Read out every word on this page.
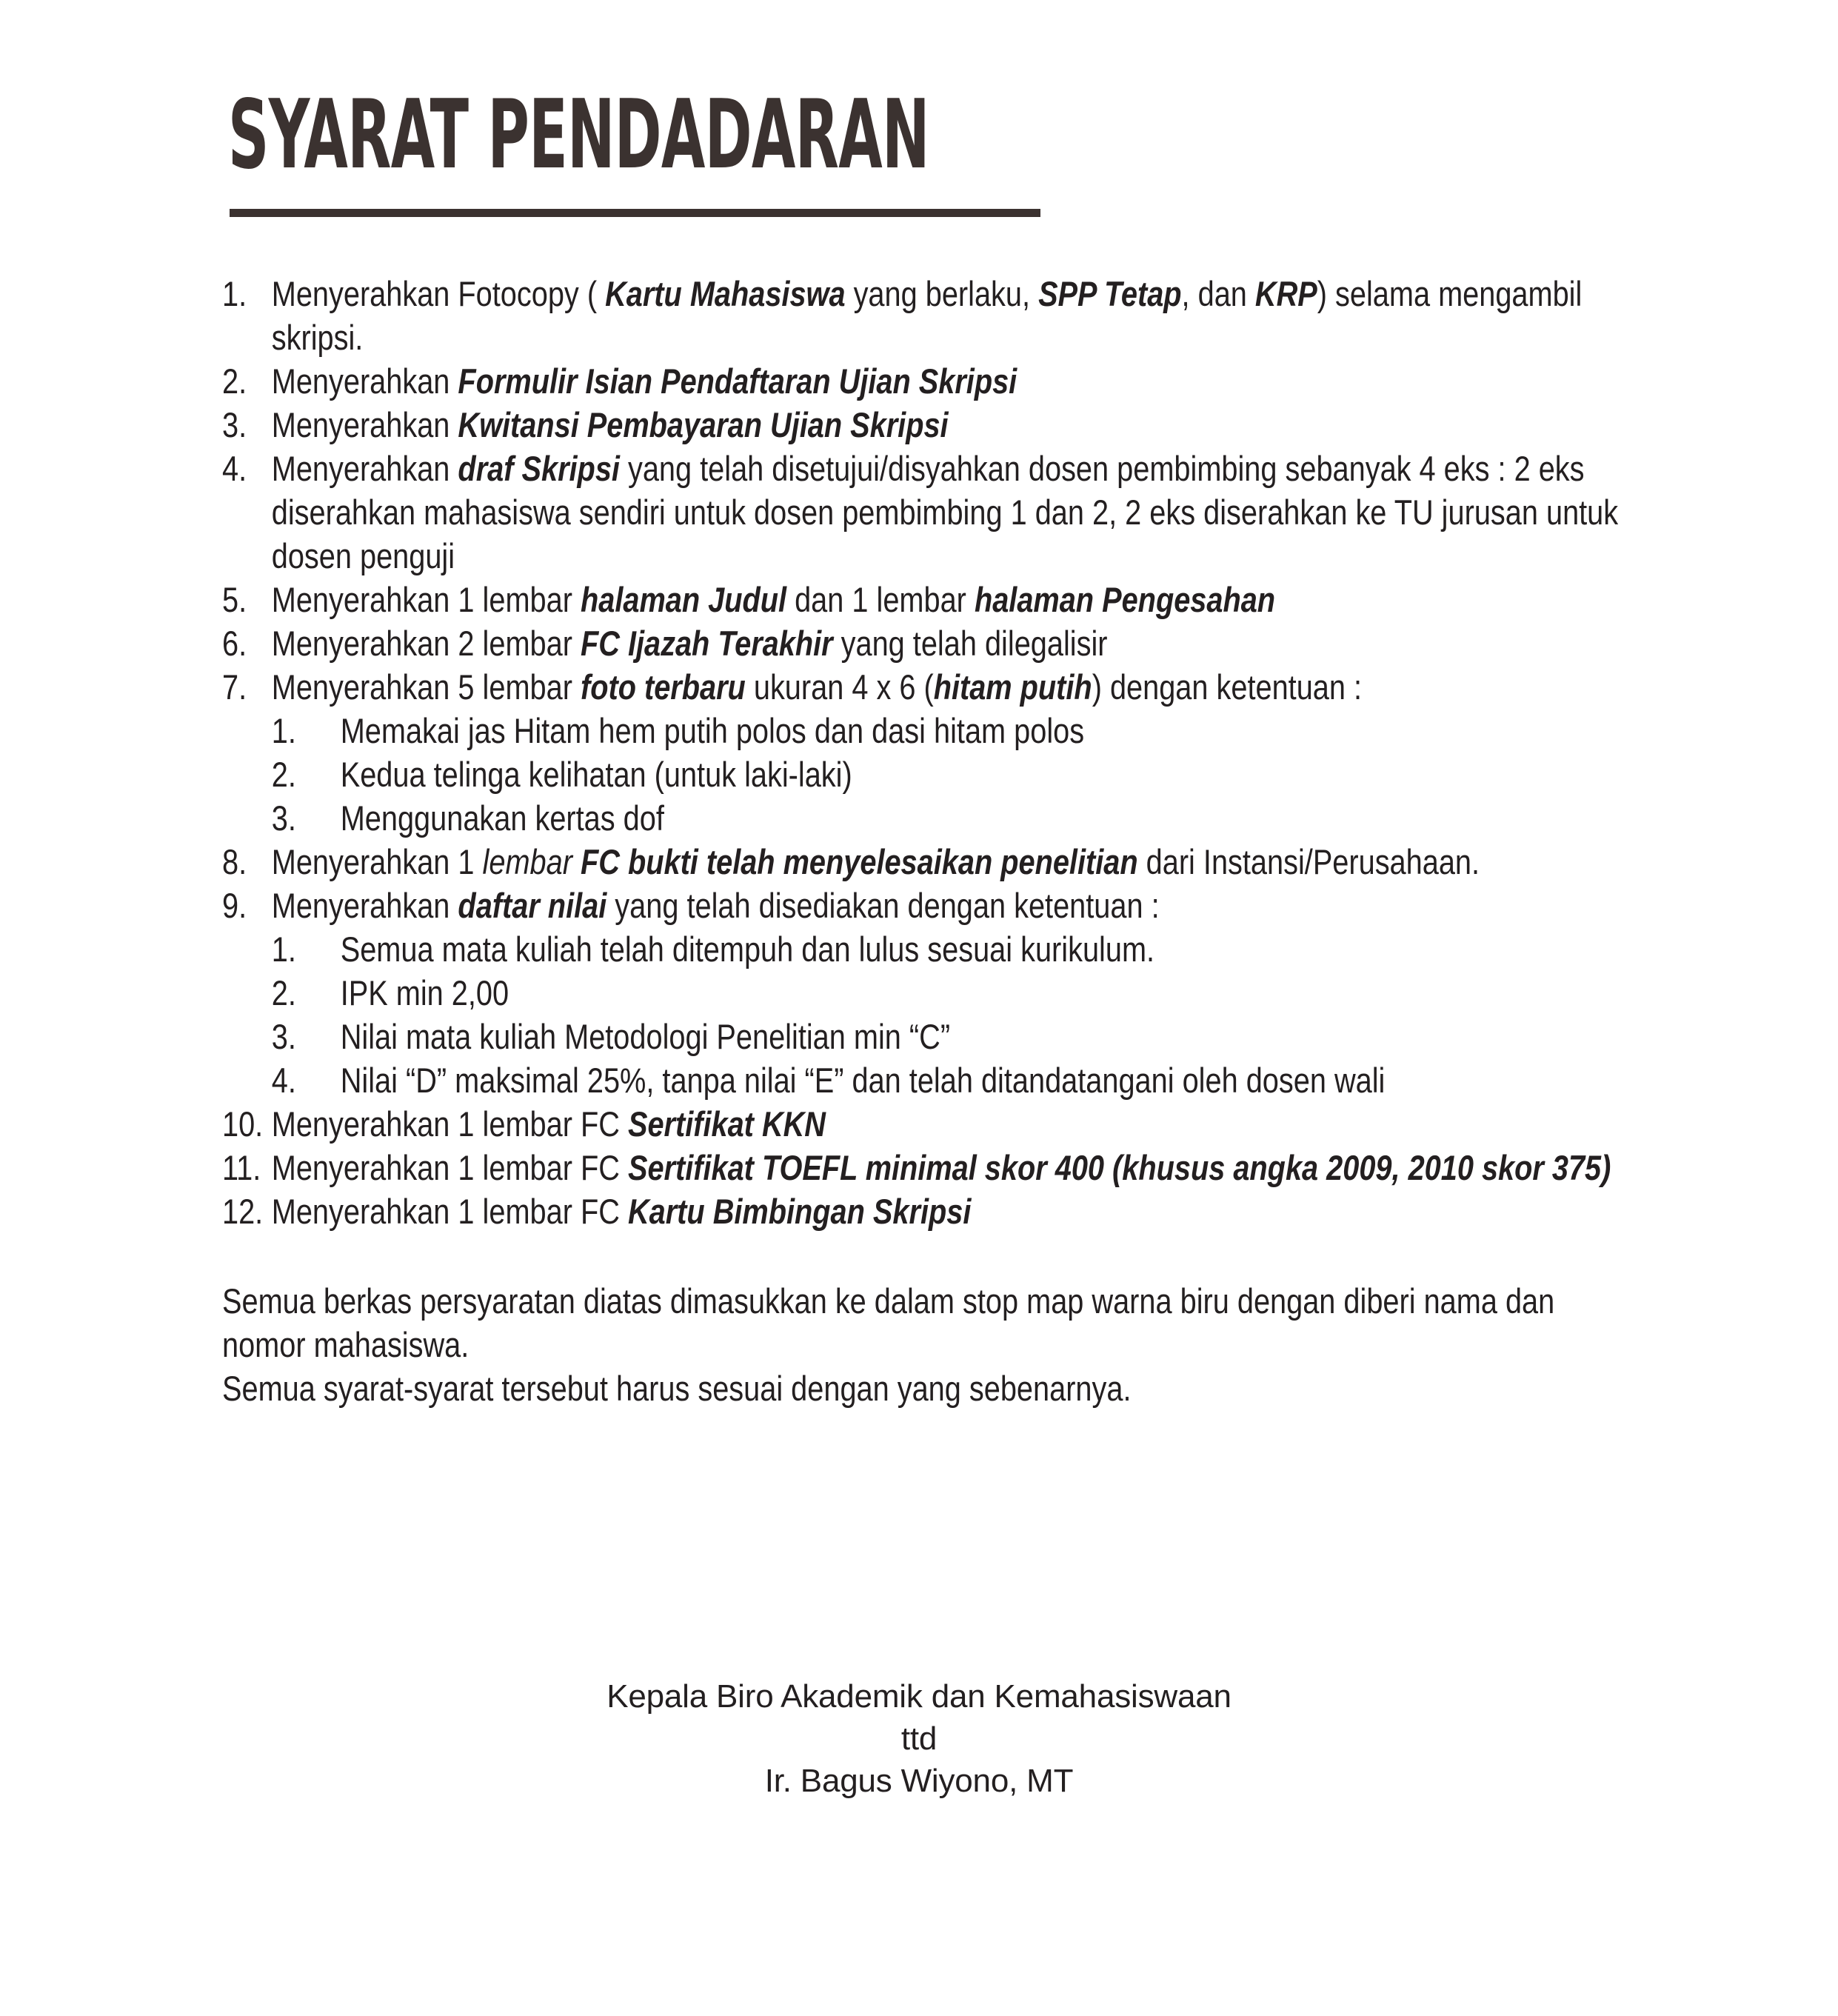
SYARAT PENDADARAN
1. Menyerahkan Fotocopy ( Kartu Mahasiswa yang berlaku, SPP Tetap, dan KRP) selama mengambil skripsi.
2. Menyerahkan Formulir Isian Pendaftaran Ujian Skripsi
3. Menyerahkan Kwitansi Pembayaran Ujian Skripsi
4. Menyerahkan draf Skripsi yang telah disetujui/disyahkan dosen pembimbing sebanyak 4 eks : 2 eks diserahkan mahasiswa sendiri untuk dosen pembimbing 1 dan 2, 2 eks diserahkan ke TU jurusan untuk dosen penguji
5. Menyerahkan 1 lembar halaman Judul dan 1 lembar halaman Pengesahan
6. Menyerahkan 2 lembar FC Ijazah Terakhir yang telah dilegalisir
7. Menyerahkan 5 lembar foto terbaru ukuran 4 x 6 (hitam putih) dengan ketentuan :
1.	Memakai jas Hitam hem putih polos dan dasi hitam polos
2.	Kedua telinga kelihatan (untuk laki-laki)
3.	Menggunakan kertas dof
8. Menyerahkan 1 lembar FC bukti telah menyelesaikan penelitian dari Instansi/Perusahaan.
9. Menyerahkan daftar nilai yang telah disediakan dengan ketentuan :
1.	Semua mata kuliah telah ditempuh dan lulus sesuai kurikulum.
2.	IPK min 2,00
3.	Nilai mata kuliah Metodologi Penelitian min “C”
4.	Nilai “D” maksimal 25%, tanpa nilai “E” dan telah ditandatangani oleh dosen wali
10. Menyerahkan 1 lembar FC Sertifikat KKN
11. Menyerahkan 1 lembar FC Sertifikat TOEFL minimal skor 400 (khusus angka 2009, 2010 skor 375)
12. Menyerahkan 1 lembar FC Kartu Bimbingan Skripsi

Semua berkas persyaratan diatas dimasukkan ke dalam stop map warna biru dengan diberi nama dan nomor mahasiswa.

Semua syarat-syarat tersebut harus sesuai dengan yang sebenarnya.

Kepala Biro Akademik dan Kemahasiswaan
ttd
Ir. Bagus Wiyono, MT
